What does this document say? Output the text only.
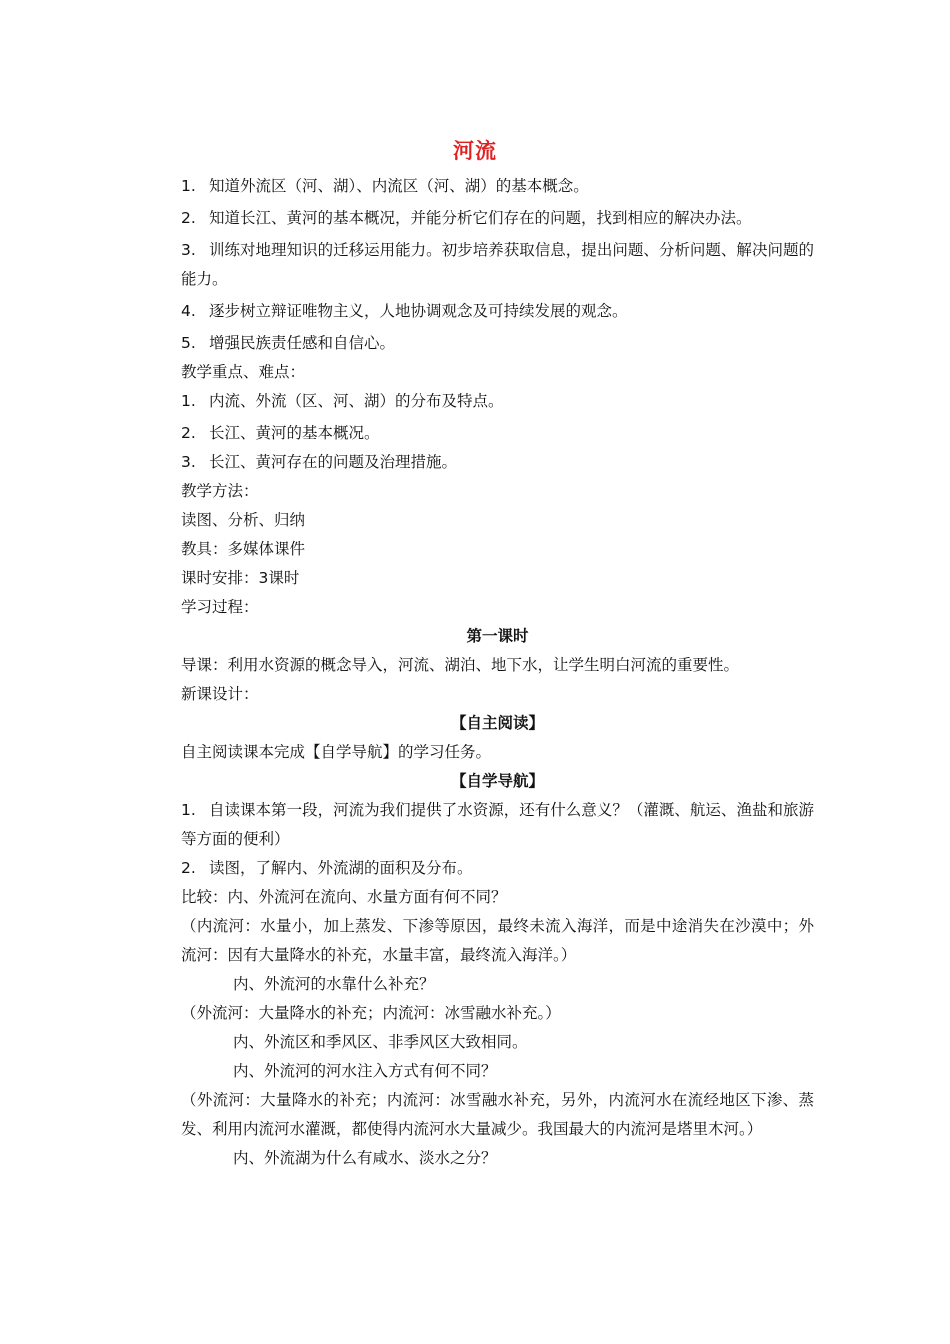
河流

1. 知道外流区（河、湖）、内流区（河、湖）的基本概念。

2. 知道长江、黄河的基本概况，并能分析它们存在的问题，找到相应的解决办法。

3. 训练对地理知识的迁移运用能力。初步培养获取信息，提出问题、分析问题、解决问题的能力。

4. 逐步树立辩证唯物主义，人地协调观念及可持续发展的观念。

5. 增强民族责任感和自信心。

教学重点、难点：

1. 内流、外流（区、河、湖）的分布及特点。

2. 长江、黄河的基本概况。

3. 长江、黄河存在的问题及治理措施。

教学方法：

读图、分析、归纳

教具：多媒体课件

课时安排：3课时

学习过程：

第一课时

导课：利用水资源的概念导入，河流、湖泊、地下水，让学生明白河流的重要性。

新课设计：

【自主阅读】

自主阅读课本完成【自学导航】的学习任务。

【自学导航】

1. 自读课本第一段，河流为我们提供了水资源，还有什么意义？（灌溉、航运、渔盐和旅游等方面的便利）

2. 读图，了解内、外流湖的面积及分布。

比较：内、外流河在流向、水量方面有何不同？

（内流河：水量小，加上蒸发、下渗等原因，最终未流入海洋，而是中途消失在沙漠中；外流河：因有大量降水的补充，水量丰富，最终流入海洋。）

内、外流河的水靠什么补充？

（外流河：大量降水的补充；内流河：冰雪融水补充。）

内、外流区和季风区、非季风区大致相同。

内、外流河的河水注入方式有何不同？

（外流河：大量降水的补充；内流河：冰雪融水补充，另外，内流河水在流经地区下渗、蒸发、利用内流河水灌溉，都使得内流河水大量减少。我国最大的内流河是塔里木河。）

内、外流湖为什么有咸水、淡水之分？
